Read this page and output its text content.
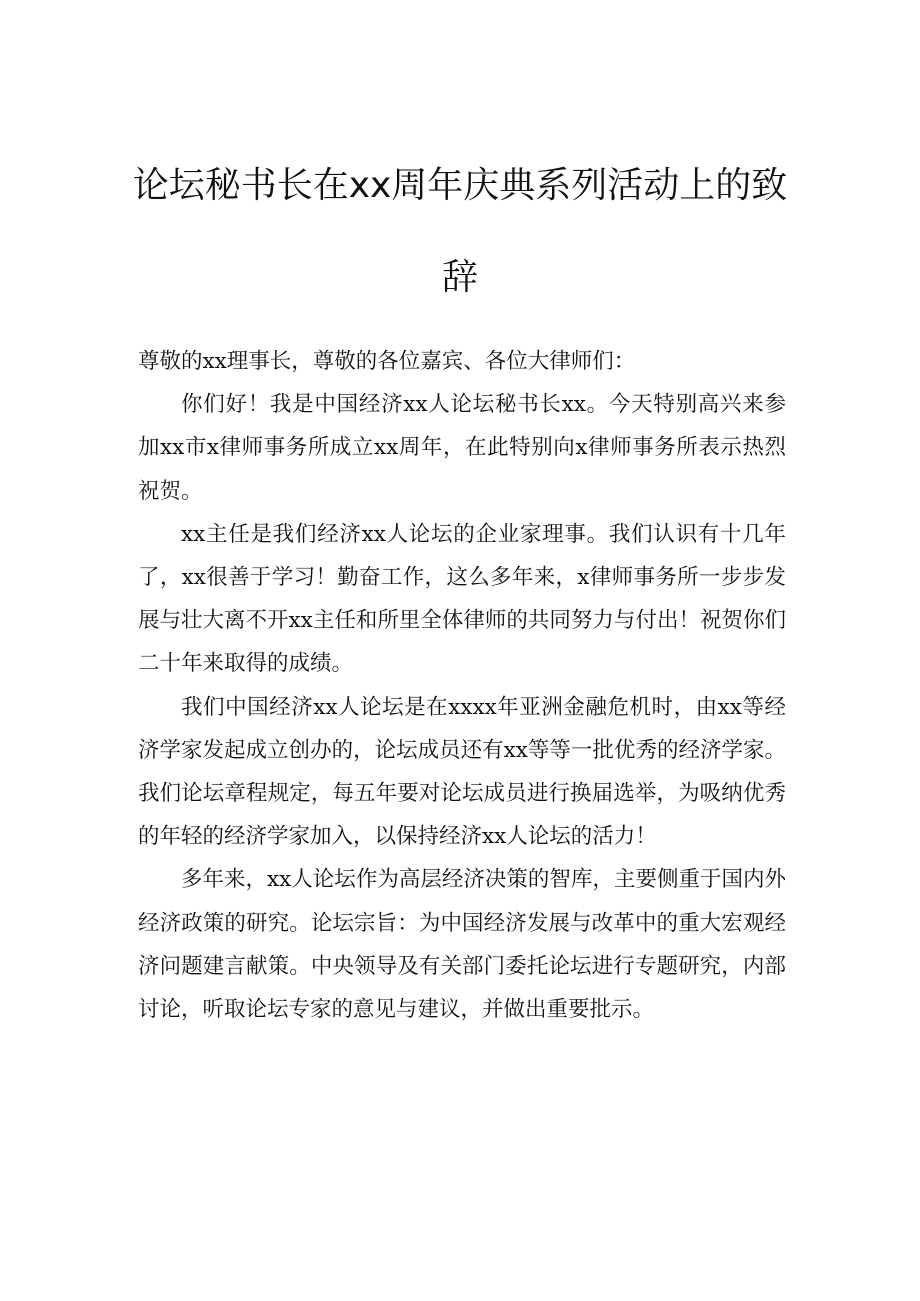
论坛秘书长在xx周年庆典系列活动上的致辞

尊敬的xx理事长，尊敬的各位嘉宾、各位大律师们：

你们好！我是中国经济xx人论坛秘书长xx。今天特别高兴来参加xx市x律师事务所成立xx周年，在此特别向x律师事务所表示热烈祝贺。

xx主任是我们经济xx人论坛的企业家理事。我们认识有十几年了，xx很善于学习！勤奋工作，这么多年来，x律师事务所一步步发展与壮大离不开xx主任和所里全体律师的共同努力与付出！祝贺你们二十年来取得的成绩。

我们中国经济xx人论坛是在xxxx年亚洲金融危机时，由xx等经济学家发起成立创办的，论坛成员还有xx等等一批优秀的经济学家。我们论坛章程规定，每五年要对论坛成员进行换届选举，为吸纳优秀的年轻的经济学家加入，以保持经济xx人论坛的活力！

多年来，xx人论坛作为高层经济决策的智库，主要侧重于国内外经济政策的研究。论坛宗旨：为中国经济发展与改革中的重大宏观经济问题建言献策。中央领导及有关部门委托论坛进行专题研究，内部讨论，听取论坛专家的意见与建议，并做出重要批示。
